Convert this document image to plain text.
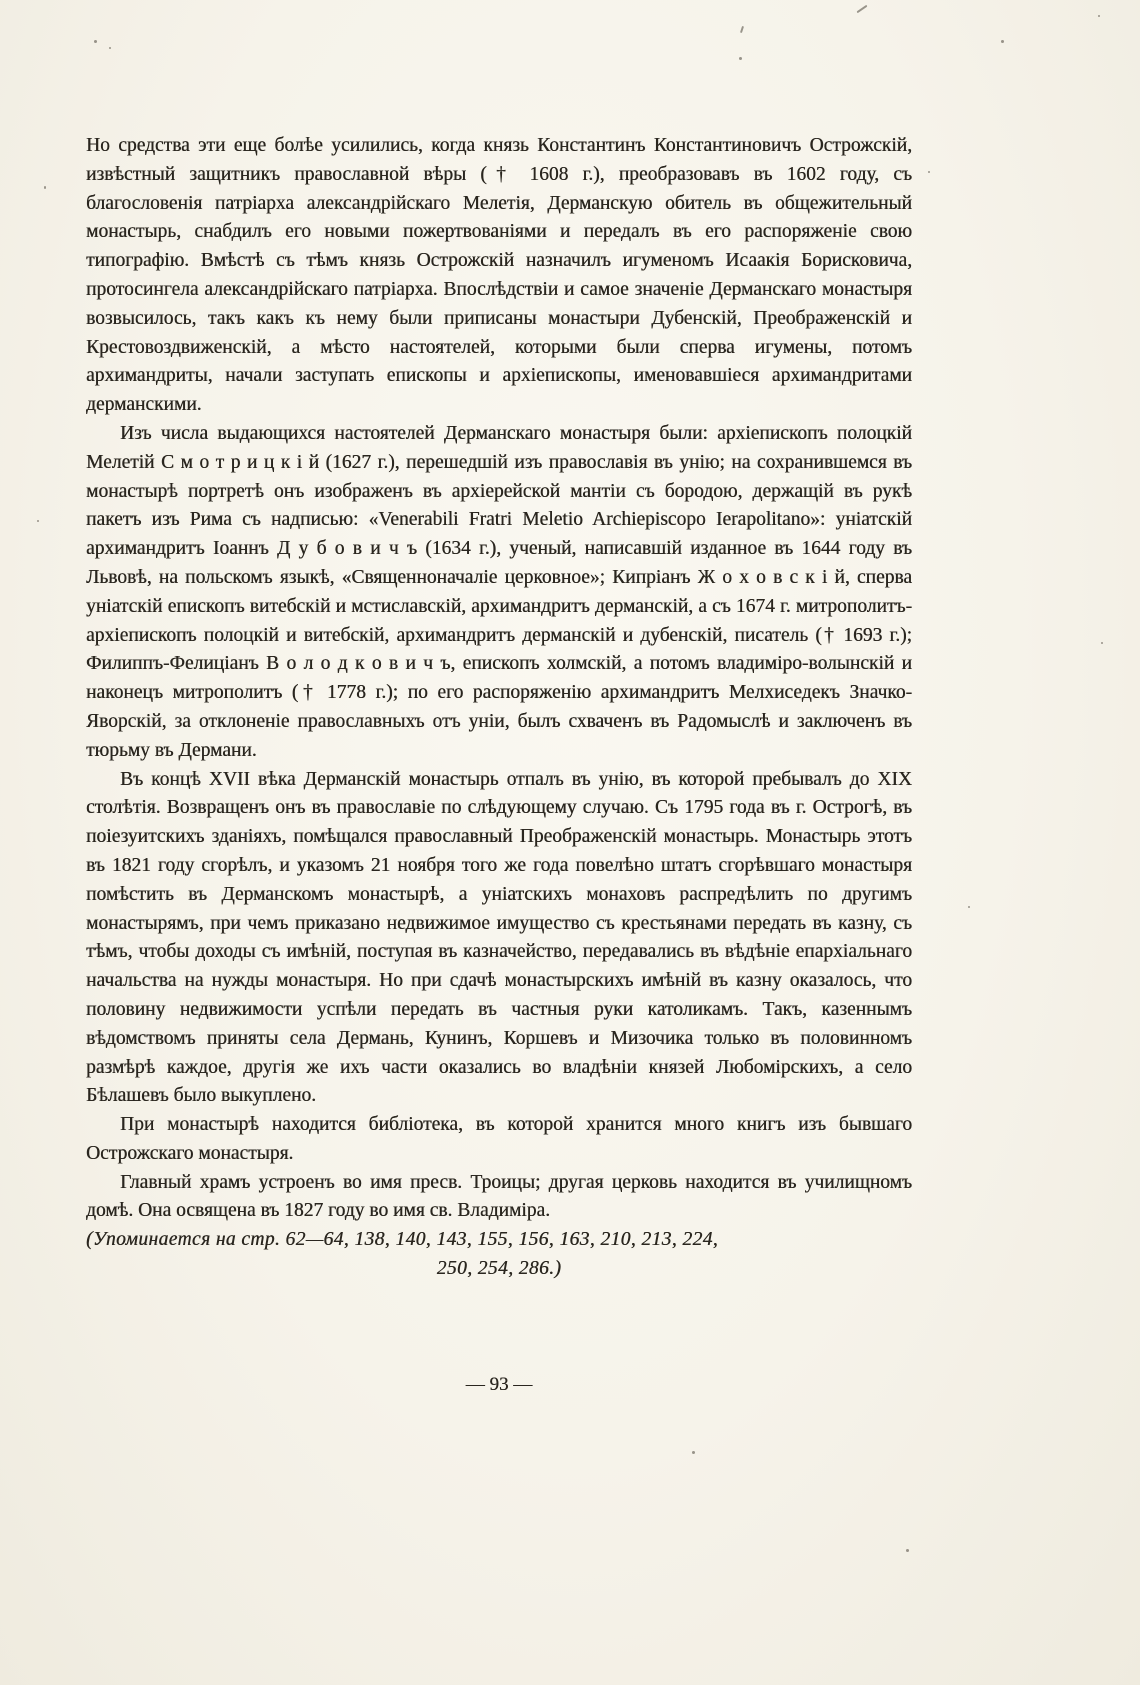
Но средства эти еще болѣе усилились, когда князь Константинъ Константиновичъ Острожскій, извѣстный защитникъ православной вѣры († 1608 г.), преобразовавъ въ 1602 году, съ благословенія патріарха александрійскаго Мелетія, Дерманскую обитель въ общежительный монастырь, снабдилъ его новыми пожертвованіями и передалъ въ его распоряженіе свою типографію. Вмѣстѣ съ тѣмъ князь Острожскій назначилъ игуменомъ Исаакія Борисковича, протосингела александрійскаго патріарха. Впослѣдствіи и самое значеніе Дерманскаго монастыря возвысилось, такъ какъ къ нему были приписаны монастыри Дубенскій, Преображенскій и Крестовоздвиженскій, а мѣсто настоятелей, которыми были сперва игумены, потомъ архимандриты, начали заступать епископы и архіепископы, именовавшіеся архимандритами дерманскими.

Изъ числа выдающихся настоятелей Дерманскаго монастыря были: архіепископъ полоцкій Мелетій С м о т р и ц к і й (1627 г.), перешедшій изъ православія въ унію; на сохранившемся въ монастырѣ портретѣ онъ изображенъ въ архіерейской мантіи съ бородою, держащій въ рукѣ пакетъ изъ Рима съ надписью: «Venerabili Fratri Meletio Archiepiscopo Ierapolitano»: уніатскій архимандритъ Іоаннъ Д у б о в и ч ъ (1634 г.), ученый, написавшій изданное въ 1644 году въ Львовѣ, на польскомъ языкѣ, «Священноначаліе церковное»; Кипріанъ Ж о х о в с к і й, сперва уніатскій епископъ витебскій и мстиславскій, архимандритъ дерманскій, а съ 1674 г. митрополитъ-архіепископъ полоцкій и витебскій, архимандритъ дерманскій и дубенскій, писатель († 1693 г.); Филиппъ-Фелиціанъ В о л о д к о в и ч ъ, епископъ холмскій, а потомъ владиміро-волынскій и наконецъ митрополитъ († 1778 г.); по его распоряженію архимандритъ Мелхиседекъ Значко-Яворскій, за отклоненіе православныхъ отъ уніи, былъ схваченъ въ Радомыслѣ и заключенъ въ тюрьму въ Дермани.

Въ концѣ XVII вѣка Дерманскій монастырь отпалъ въ унію, въ которой пребывалъ до XIX столѣтія. Возвращенъ онъ въ православіе по слѣдующему случаю. Съ 1795 года въ г. Острогѣ, въ поіезуитскихъ зданіяхъ, помѣщался православный Преображенскій монастырь. Монастырь этотъ въ 1821 году сгорѣлъ, и указомъ 21 ноября того же года повелѣно штатъ сгорѣвшаго монастыря помѣстить въ Дерманскомъ монастырѣ, а уніатскихъ монаховъ распредѣлить по другимъ монастырямъ, при чемъ приказано недвижимое имущество съ крестьянами передать въ казну, съ тѣмъ, чтобы доходы съ имѣній, поступая въ казначейство, передавались въ вѣдѣніе епархіальнаго начальства на нужды монастыря. Но при сдачѣ монастырскихъ имѣній въ казну оказалось, что половину недвижимости успѣли передать въ частныя руки католикамъ. Такъ, казеннымъ вѣдомствомъ приняты села Дермань, Кунинъ, Коршевъ и Мизочика только въ половинномъ размѣрѣ каждое, другія же ихъ части оказались во владѣніи князей Любомірскихъ, а село Бѣлашевъ было выкуплено.

При монастырѣ находится библіотека, въ которой хранится много книгъ изъ бывшаго Острожскаго монастыря.

Главный храмъ устроенъ во имя пресв. Троицы; другая церковь находится въ училищномъ домѣ. Она освящена въ 1827 году во имя св. Владиміра.

(Упоминается на стр. 62—64, 138, 140, 143, 155, 156, 163, 210, 213, 224,

250, 254, 286.)

— 93 —
